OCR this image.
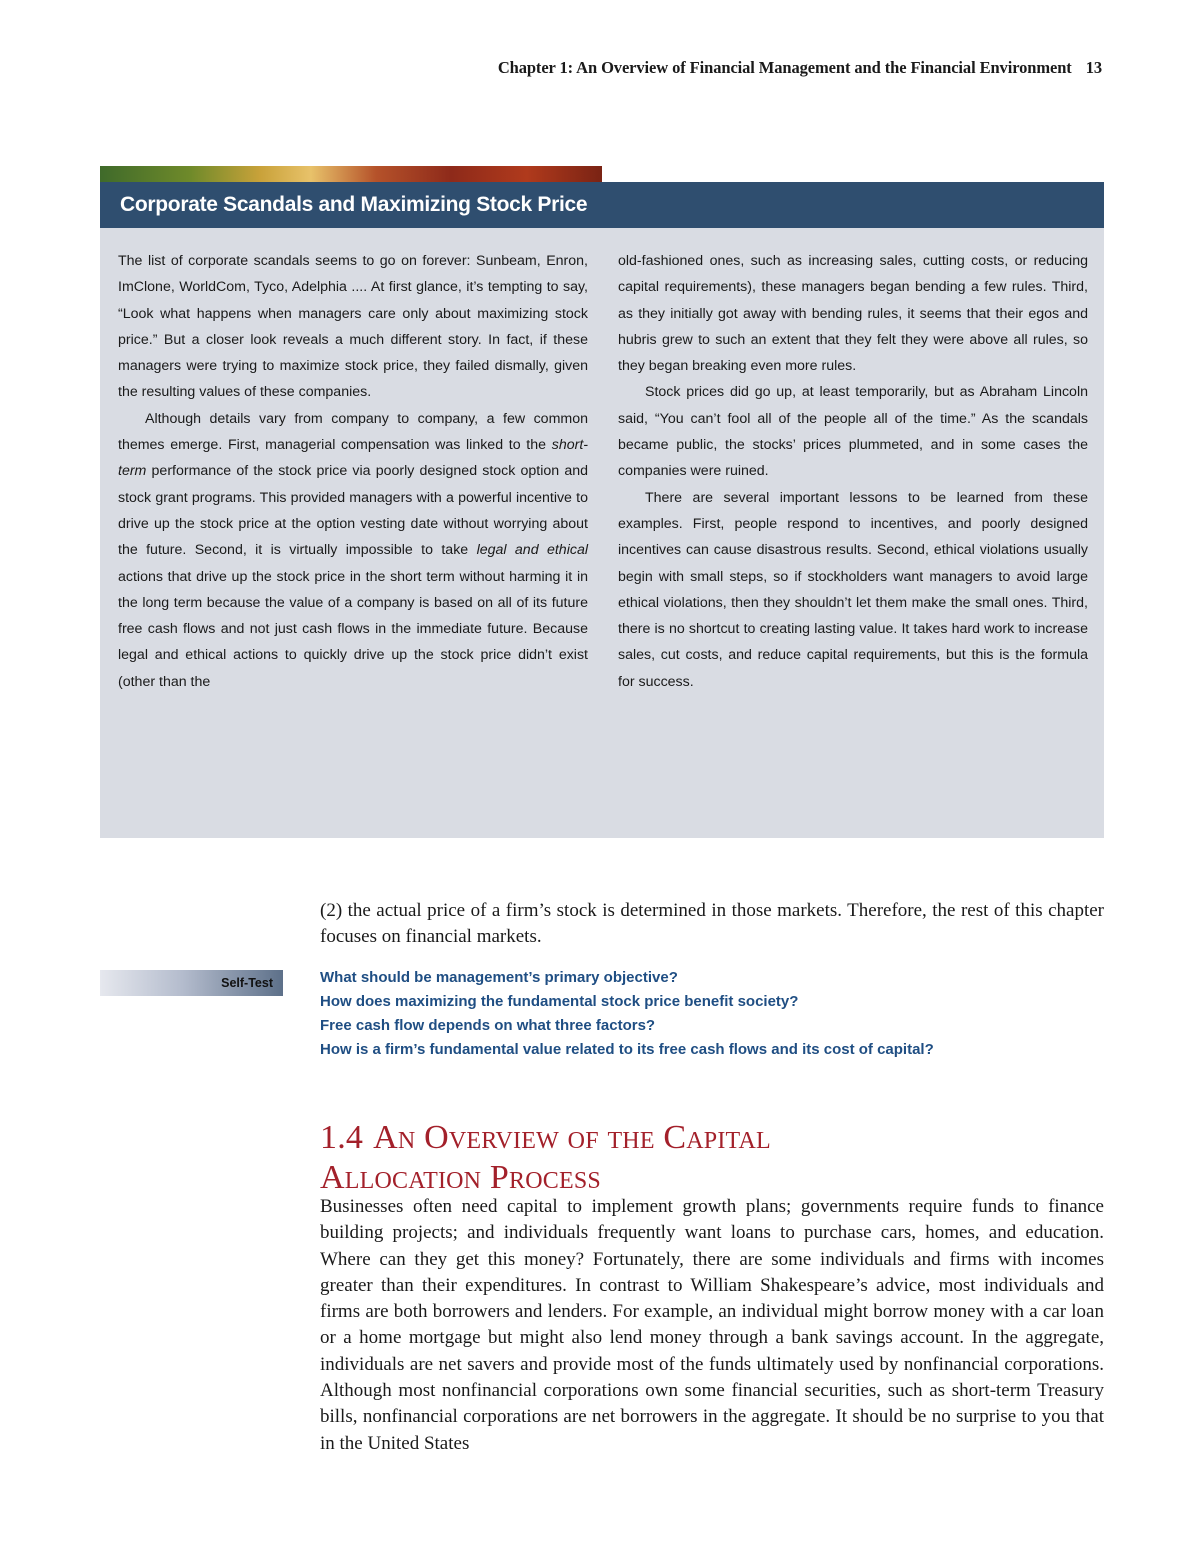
Chapter 1: An Overview of Financial Management and the Financial Environment 13
Corporate Scandals and Maximizing Stock Price

The list of corporate scandals seems to go on forever: Sunbeam, Enron, ImClone, WorldCom, Tyco, Adelphia .... At first glance, it’s tempting to say, “Look what happens when managers care only about maximizing stock price.” But a closer look reveals a much different story. In fact, if these managers were trying to maximize stock price, they failed dismally, given the resulting values of these companies.

Although details vary from company to company, a few common themes emerge. First, managerial compensation was linked to the short-term performance of the stock price via poorly designed stock option and stock grant programs. This provided managers with a powerful incentive to drive up the stock price at the option vesting date without worrying about the future. Second, it is virtually impossible to take legal and ethical actions that drive up the stock price in the short term without harming it in the long term because the value of a company is based on all of its future free cash flows and not just cash flows in the immediate future. Because legal and ethical actions to quickly drive up the stock price didn’t exist (other than the

old-fashioned ones, such as increasing sales, cutting costs, or reducing capital requirements), these managers began bending a few rules. Third, as they initially got away with bending rules, it seems that their egos and hubris grew to such an extent that they felt they were above all rules, so they began breaking even more rules.

Stock prices did go up, at least temporarily, but as Abraham Lincoln said, “You can’t fool all of the people all of the time.” As the scandals became public, the stocks’ prices plummeted, and in some cases the companies were ruined.

There are several important lessons to be learned from these examples. First, people respond to incentives, and poorly designed incentives can cause disastrous results. Second, ethical violations usually begin with small steps, so if stockholders want managers to avoid large ethical violations, then they shouldn’t let them make the small ones. Third, there is no shortcut to creating lasting value. It takes hard work to increase sales, cut costs, and reduce capital requirements, but this is the formula for success.

(2) the actual price of a firm’s stock is determined in those markets. Therefore, the rest of this chapter focuses on financial markets.

Self-Test	What should be management’s primary objective?
How does maximizing the fundamental stock price benefit society?
Free cash flow depends on what three factors?
How is a firm’s fundamental value related to its free cash flows and its cost of capital?
1.4 An Overview of the Capital
Allocation Process

Businesses often need capital to implement growth plans; governments require funds to finance building projects; and individuals frequently want loans to purchase cars, homes, and education. Where can they get this money? Fortunately, there are some individuals and firms with incomes greater than their expenditures. In contrast to William Shakespeare’s advice, most individuals and firms are both borrowers and lenders. For example, an individual might borrow money with a car loan or a home mortgage but might also lend money through a bank savings account. In the aggregate, individuals are net savers and provide most of the funds ultimately used by nonfinancial corporations. Although most nonfinancial corporations own some financial securities, such as short-term Treasury bills, nonfinancial corporations are net borrowers in the aggregate. It should be no surprise to you that in the United States
